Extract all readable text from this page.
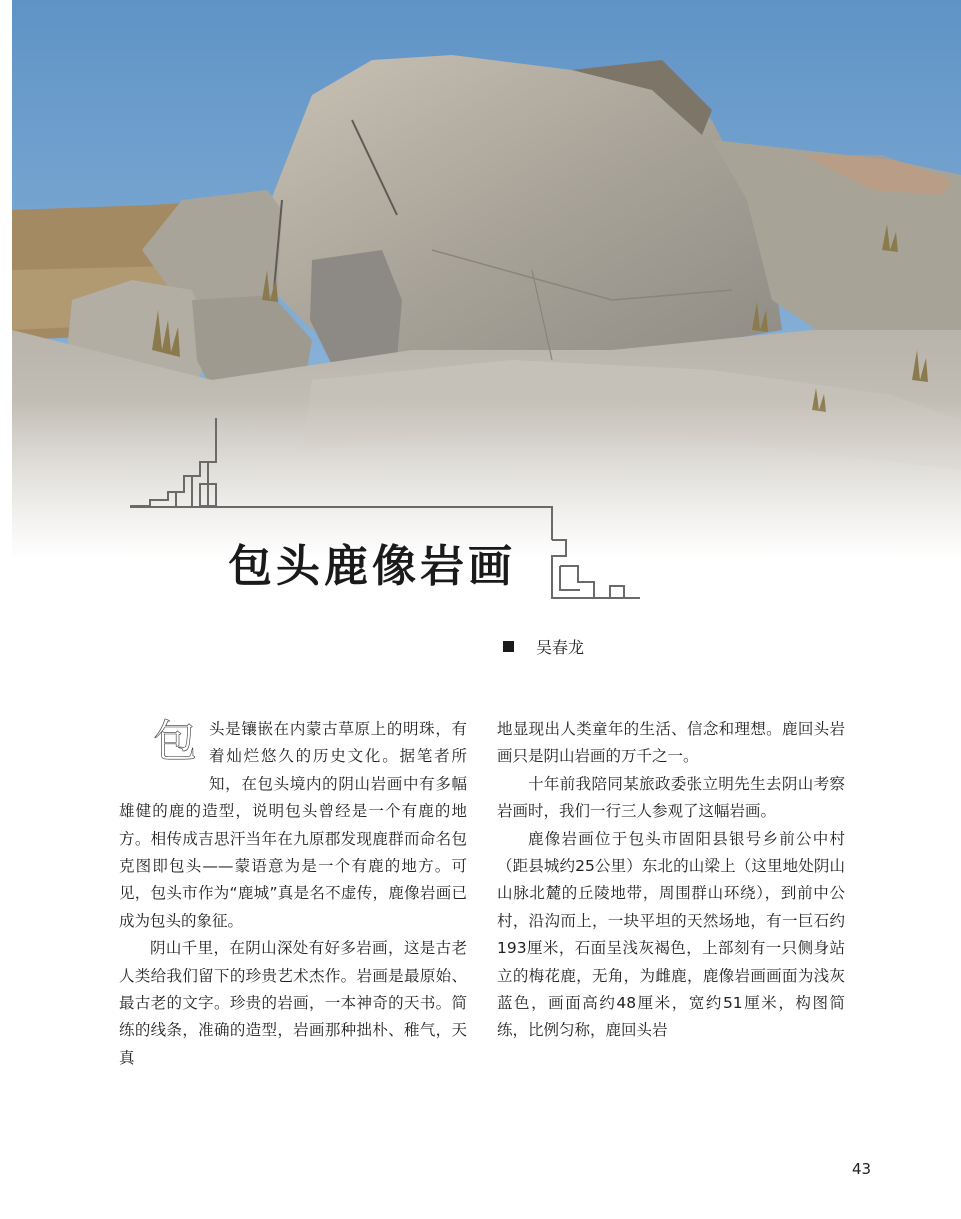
包头鹿像岩画
吴春龙

包头是镶嵌在内蒙古草原上的明珠，有着灿烂悠久的历史文化。据笔者所知，在包头境内的阴山岩画中有多幅雄健的鹿的造型，说明包头曾经是一个有鹿的地方。相传成吉思汗当年在九原郡发现鹿群而命名包克图即包头——蒙语意为是一个有鹿的地方。可见，包头市作为“鹿城”真是名不虚传，鹿像岩画已成为包头的象征。

阴山千里，在阴山深处有好多岩画，这是古老人类给我们留下的珍贵艺术杰作。岩画是最原始、最古老的文字。珍贵的岩画，一本神奇的天书。简练的线条，准确的造型，岩画那种拙朴、稚气，天真

地显现出人类童年的生活、信念和理想。鹿回头岩画只是阴山岩画的万千之一。

十年前我陪同某旅政委张立明先生去阴山考察岩画时，我们一行三人参观了这幅岩画。

鹿像岩画位于包头市固阳县银号乡前公中村（距县城约25公里）东北的山梁上（这里地处阴山山脉北麓的丘陵地带，周围群山环绕），到前中公村，沿沟而上，一块平坦的天然场地，有一巨石约193厘米，石面呈浅灰褐色，上部刻有一只侧身站立的梅花鹿，无角，为雌鹿，鹿像岩画画面为浅灰蓝色，画面高约48厘米，宽约51厘米，构图简练，比例匀称，鹿回头岩

43
